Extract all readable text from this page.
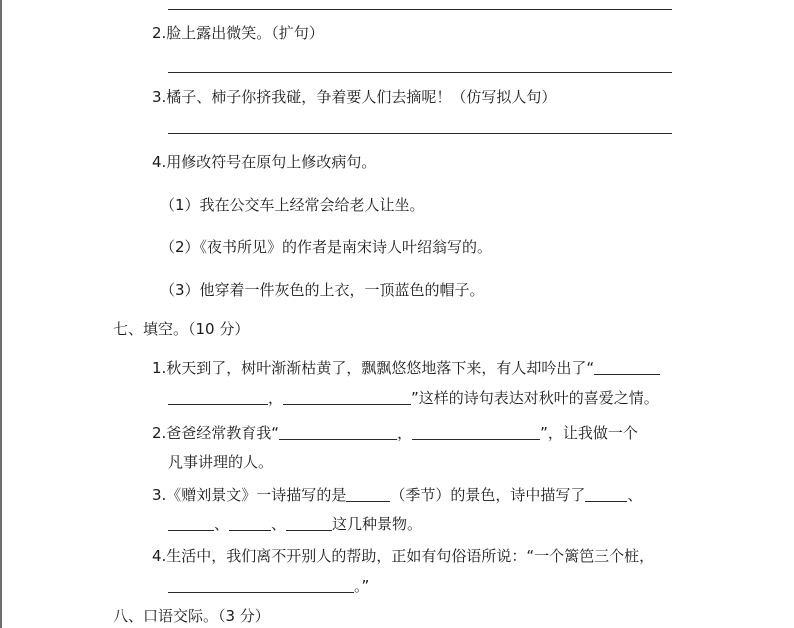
2.脸上露出微笑。（扩句）
3.橘子、柿子你挤我碰，争着要人们去摘呢！（仿写拟人句）
4.用修改符号在原句上修改病句。
（1）我在公交车上经常会给老人让坐。
（2）《夜书所见》的作者是南宋诗人叶绍翁写的。
（3）他穿着一件灰色的上衣，一顶蓝色的帽子。
七、填空。（10 分）
1.秋天到了，树叶渐渐枯黄了，飘飘悠悠地落下来，有人却吟出了“
，	”这样的诗句表达对秋叶的喜爱之情。
2.爸爸经常教育我“	，	”，让我做一个
凡事讲理的人。
3.《赠刘景文》一诗描写的是	（季节）的景色，诗中描写了	、
、	、	这几种景物。
4.生活中，我们离不开别人的帮助，正如有句俗语所说：“一个篱笆三个桩，
。”
八、口语交际。（3 分）
